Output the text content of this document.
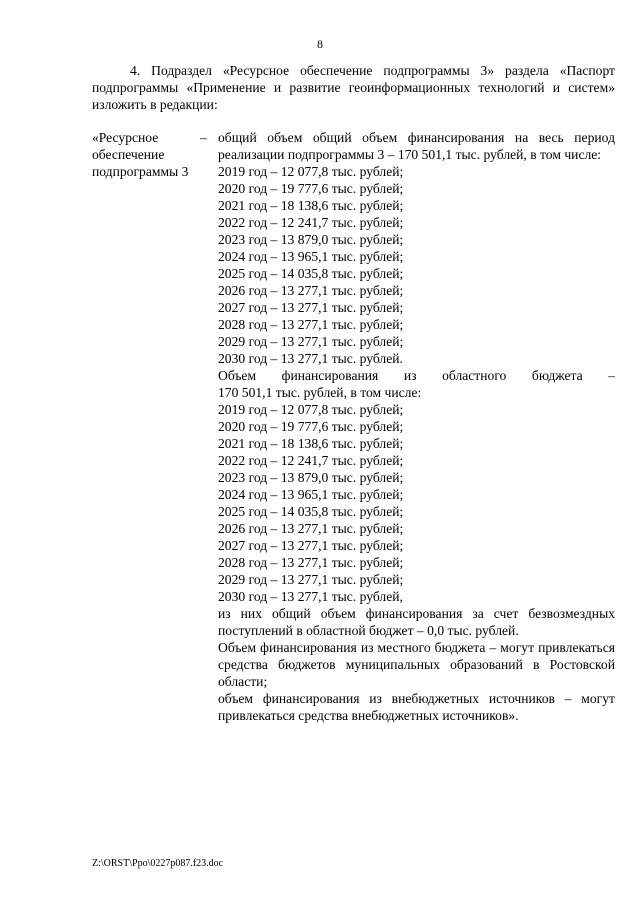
8

4. Подраздел «Ресурсное обеспечение подпрограммы 3» раздела «Паспорт подпрограммы «Применение и развитие геоинформационных технологий и систем» изложить в редакции:

«Ресурсное
обеспечение
подпрограммы 3
– общий объем общий объем финансирования на весь период реализации подпрограммы 3 – 170 501,1 тыс. рублей, в том числе:
2019 год – 12 077,8 тыс. рублей;
2020 год – 19 777,6 тыс. рублей;
2021 год – 18 138,6 тыс. рублей;
2022 год – 12 241,7 тыс. рублей;
2023 год – 13 879,0 тыс. рублей;
2024 год – 13 965,1 тыс. рублей;
2025 год – 14 035,8 тыс. рублей;
2026 год – 13 277,1 тыс. рублей;
2027 год – 13 277,1 тыс. рублей;
2028 год – 13 277,1 тыс. рублей;
2029 год – 13 277,1 тыс. рублей;
2030 год – 13 277,1 тыс. рублей.
Объем финансирования из областного бюджета –
170 501,1 тыс. рублей, в том числе:
2019 год – 12 077,8 тыс. рублей;
2020 год – 19 777,6 тыс. рублей;
2021 год – 18 138,6 тыс. рублей;
2022 год – 12 241,7 тыс. рублей;
2023 год – 13 879,0 тыс. рублей;
2024 год – 13 965,1 тыс. рублей;
2025 год – 14 035,8 тыс. рублей;
2026 год – 13 277,1 тыс. рублей;
2027 год – 13 277,1 тыс. рублей;
2028 год – 13 277,1 тыс. рублей;
2029 год – 13 277,1 тыс. рублей;
2030 год – 13 277,1 тыс. рублей,
из них общий объем финансирования за счет безвозмездных поступлений в областной бюджет – 0,0 тыс. рублей.
Объем финансирования из местного бюджета – могут привлекаться средства бюджетов муниципальных образований в Ростовской области;
объем финансирования из внебюджетных источников – могут привлекаться средства внебюджетных источников».
Z:\ORST\Ppo\0227p087.f23.doc
